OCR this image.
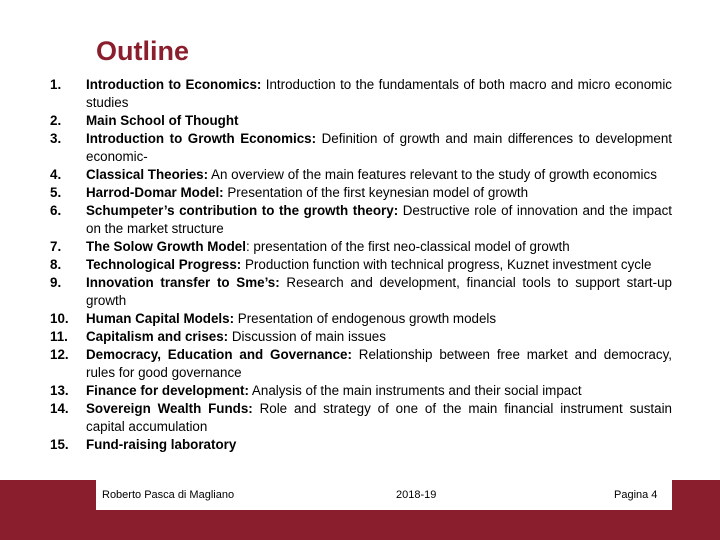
Outline
1.	Introduction to Economics: Introduction to the fundamentals of both macro and micro economic studies
2.	Main School of Thought
3.	Introduction to Growth Economics: Definition of growth and main differences to development economic-
4.	Classical Theories: An overview of the main features relevant to the study of growth economics
5.	Harrod-Domar Model: Presentation of the first keynesian model of growth
6.	Schumpeter’s contribution to the growth theory: Destructive role of innovation and the impact on the market structure
7.	The Solow Growth Model: presentation of the first neo-classical model of growth
8.	Technological Progress: Production function with technical progress, Kuznet investment cycle
9.	Innovation transfer to Sme’s: Research and development, financial tools to support start-up growth
10.	Human Capital Models: Presentation of endogenous growth models
11.	Capitalism and crises: Discussion of main issues
12.	Democracy, Education and Governance: Relationship between free market and democracy, rules for good governance
13.	Finance for development: Analysis of the main instruments and their social impact
14.	Sovereign Wealth Funds: Role and strategy of one of the main financial instrument sustain capital accumulation
15.	Fund-raising laboratory
Roberto Pasca di Magliano	2018-19	Pagina 4
